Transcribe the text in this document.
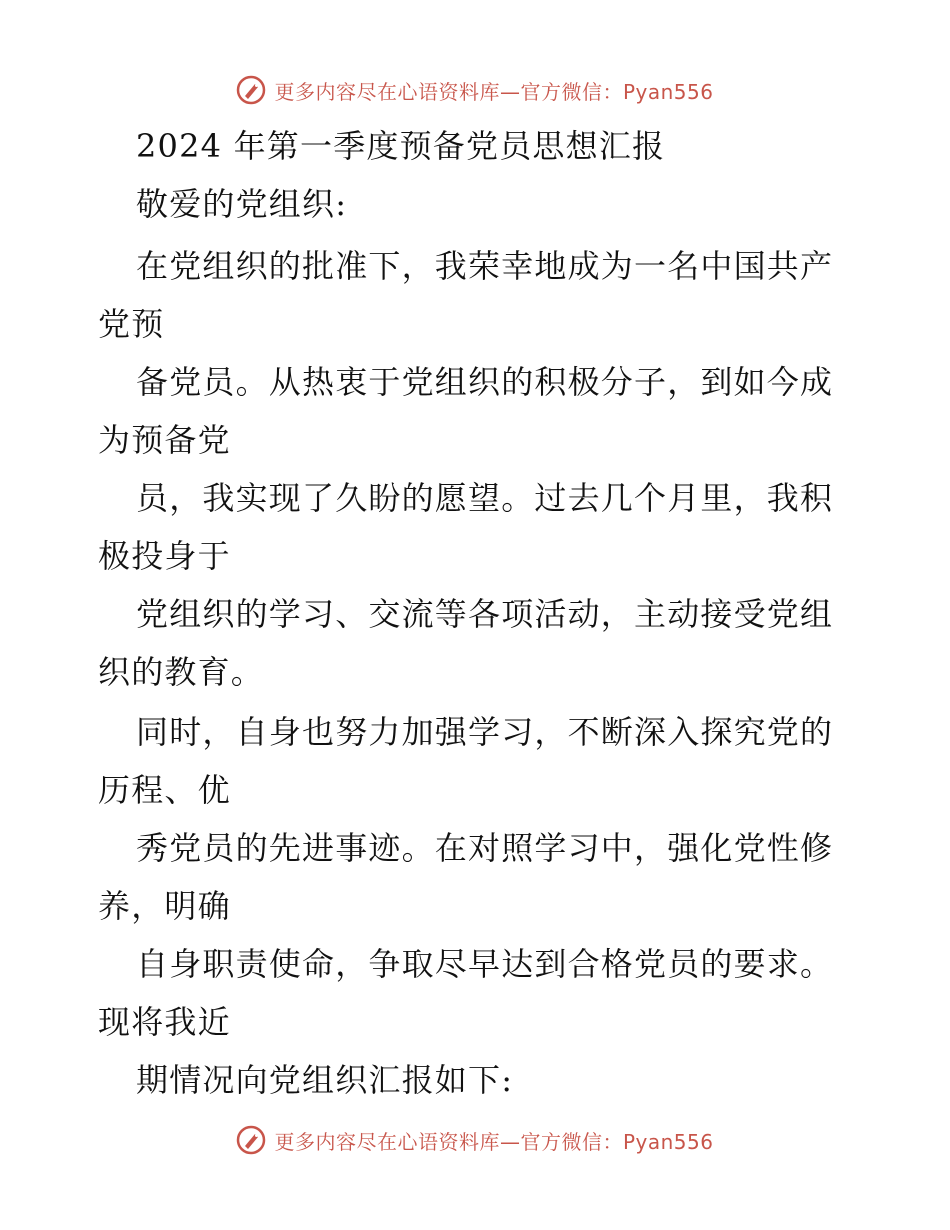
更多内容尽在心语资料库—官方微信：Pyan556
2024 年第一季度预备党员思想汇报
敬爱的党组织:
在党组织的批准下，我荣幸地成为一名中国共产
党预
备党员。从热衷于党组织的积极分子，到如今成
为预备党
员，我实现了久盼的愿望。过去几个月里，我积
极投身于
党组织的学习、交流等各项活动，主动接受党组
织的教育。
同时，自身也努力加强学习，不断深入探究党的
历程、优
秀党员的先进事迹。在对照学习中，强化党性修
养，明确
自身职责使命，争取尽早达到合格党员的要求。
现将我近
期情况向党组织汇报如下:
更多内容尽在心语资料库—官方微信：Pyan556
